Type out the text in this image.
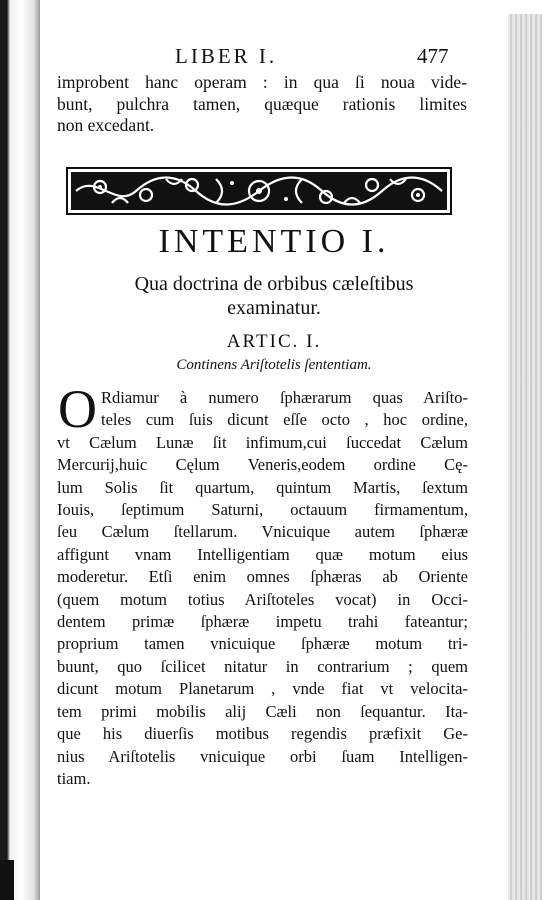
LIBER I.	477
improbent hanc operam : in qua ſi noua vide-
bunt, pulchra tamen, quæque rationis limites
non excedant.
INTENTIO I.
Qua doctrina de orbibus cæleſtibus
examinatur.
ARTIC. I.
Continens Ariſtotelis ſententiam.
O Rdiamur à numero ſphærarum quas Ariſto-
teles cum ſuis dicunt eſſe octo , hoc ordine,
vt Cælum Lunæ ſit infimum,cui ſuccedat Cælum
Mercurij,huic Cęlum Veneris,eodem ordine Cę-
lum Solis ſit quartum, quintum Martis, ſextum
Iouis, ſeptimum Saturni, octauum firmamentum,
ſeu Cælum ſtellarum. Vnicuique autem ſphæræ
affigunt vnam Intelligentiam quæ motum eius
moderetur. Etſi enim omnes ſphæras ab Oriente
(quem motum totius Ariſtoteles vocat) in Occi-
dentem primæ ſphæræ impetu trahi fateantur;
proprium tamen vnicuique ſphæræ motum tri-
buunt, quo ſcilicet nitatur in contrarium ; quem
dicunt motum Planetarum , vnde fiat vt velocita-
tem primi mobilis alij Cæli non ſequantur. Ita-
que his diuerſis motibus regendis præfixit Ge-
nius Ariſtotelis vnicuique orbi ſuam Intelligen-
tiam.
